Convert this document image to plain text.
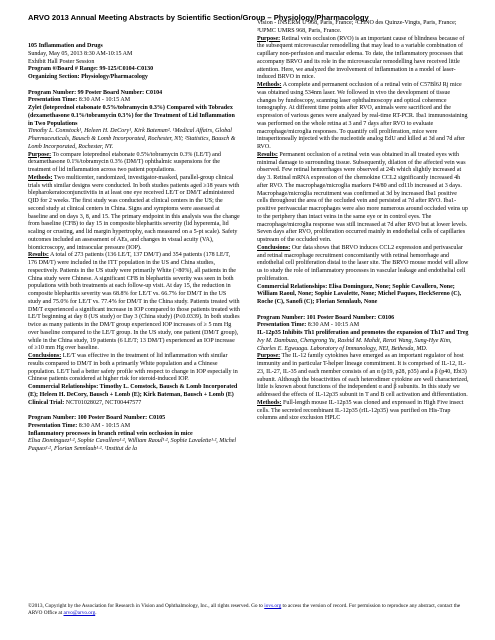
ARVO 2013 Annual Meeting Abstracts by Scientific Section/Group – Physiology/Pharmacology

105 Inflammation and Drugs

Sunday, May 05, 2013 8:30 AM-10:15 AM

Exhibit Hall Poster Session

Program #/Board # Range: 99-125/C0104-C0130

Organizing Section: Physiology/Pharmacology

Program Number: 99 Poster Board Number: C0104

Presentation Time: 8:30 AM - 10:15 AM

Zylet (loteprednol etabonate 0.5%/tobramycin 0.3%) Compared with Tobradex (dexamethasone 0.1%/tobramycin 0.3%) for the Treatment of Lid Inflammation in Two Populations

Timothy L. Comstock¹, Heleen H. DeCory¹, Kirk Bateman². ¹Medical Affairs, Global Pharmaceuticals, Bausch & Lomb Incorporated, Rochester, NY; ²Statistics, Bausch & Lomb Incorporated, Rochester, NY.

Purpose: To compare loteprednol etabonate 0.5%/tobramycin 0.3% (LE/T) and dexamethasone 0.1%/tobramycin 0.3% (DM/T) ophthalmic suspensions for the treatment of lid inflammation across two patient populations.

Methods: Two multicenter, randomized, investigator-masked, parallel-group clinical trials with similar designs were conducted. In both studies patients aged ≥18 years with blepharokeratoconjunctivitis in at least one eye received LE/T or DM/T administered QID for 2 weeks. The first study was conducted at clinical centers in the US; the second study at clinical centers in China. Signs and symptoms were assessed at baseline and on days 3, 8, and 15. The primary endpoint in this analysis was the change from baseline (CFB) to day 15 in composite blepharitis severity (lid hyperemia, lid scaling or crusting, and lid margin hypertrophy, each measured on a 5-pt scale). Safety outcomes included an assessment of AEs, and changes in visual acuity (VA), biomicroscopy, and intraocular pressure (IOP).

Results: A total of 273 patients (136 LE/T, 137 DM/T) and 354 patients (178 LE/T, 176 DM/T) were included in the ITT population in the US and China studies, respectively. Patients in the US study were primarily White (>80%), all patients in the China study were Chinese. A significant CFB in blepharitis severity was seen in both populations with both treatments at each follow-up visit. At day 15, the reduction in composite blepharitis severity was 68.8% for LE/T vs. 66.7% for DM/T in the US study and 75.0% for LE/T vs. 77.4% for DM/T in the China study. Patients treated with DM/T experienced a significant increase in IOP compared to those patients treated with LE/T beginning at day 8 (US study) or Day 3 (China study) (P≤0.0339). In both studies twice as many patients in the DM/T group experienced IOP increases of ≥ 5 mm Hg over baseline compared to the LE/T group. In the US study, one patient (DM/T group), while in the China study, 19 patients (6 LE/T; 13 DM/T) experienced an IOP increase of ≥10 mm Hg over baseline.

Conclusions: LE/T was effective in the treatment of lid inflammation with similar results compared to DM/T in both a primarily White population and a Chinese population. LE/T had a better safety profile with respect to change in IOP especially in Chinese patients considered at higher risk for steroid-induced IOP.

Commercial Relationships: Timothy L. Comstock, Bausch & Lomb Incorporated (E); Heleen H. DeCory, Bausch + Lomb (E); Kirk Bateman, Bausch + Lomb (E)

Clinical Trial: NCT01028027, NCT00447577

Program Number: 100 Poster Board Number: C0105

Presentation Time: 8:30 AM - 10:15 AM

Inflammatory processes in branch retinal vein occlusion in mice

Elisa Dominguez¹·², Sophie Cavallero¹·², William Raoul¹·², Sophie Lavalette¹·², Michel Paques¹·², Florian Sennlaub¹·². ¹Institut de la

Vision - INSERM U 968, Paris, France; ²CHNO des Quinze-Vingts, Paris, France; ³UPMC UMRS 968, Paris, France.

Purpose: Retinal vein occlusion (RVO) is an important cause of blindness because of the subsequent microvascular remodelling that may lead to a variable combination of capillary non-perfusion and macular edema. To date, the inflammatory processes that accompany BRVO and its role in the microvascular remodelling have received little attention. Here, we analyzed the involvement of inflammation in a model of laser-induced BRVO in mice.

Methods: A complete and permanent occlusion of a retinal vein of C57Bl6J Rj mice was obtained using 534nm laser. We followed in vivo the development of tissue changes by fundoscopy, scanning laser ophthalmoscopy and optical coherence tomography. At different time points after RVO, animals were sacrificed and the expression of various genes were analyzed by real-time RT-PCR. Iba1 immunostaining was performed on the whole retina at 3 and 7 days after RVO to evaluate macrophage/microglia responses. To quantify cell proliferation, mice were intraperitoneally injected with the nucleotide analog EdU and killed at 3d and 7d after RVO.

Results: Permanent occlusion of a retinal vein was obtained in all treated eyes with minimal damage to surrounding tissue. Subsequently, dilation of the affected vein was observed. Few retinal hemorrhages were observed at 24h which slightly increased at day 3. Retinal mRNA expression of the chemokine CCL2 significantly increased 4h after RVO. The macrophage/microglia markers F4/80 and cd11b increased at 3 days. Macrophage/microglia recruitment was confirmed at 3d by increased Iba1 positive cells throughout the area of the occluded vein and persisted at 7d after RVO. Iba1-positive perivascular macrophages were also more numerous around occluded veins up to the periphery than intact veins in the same eye or in control eyes. The macrophage/microglia response was still increased at 7d after RVO but at lower levels. Seven days after RVO, proliferation occurred mainly in endothelial cells of capillaries upstream of the occluded vein.

Conclusions: Our data shows that BRVO induces CCL2 expression and perivascular and retinal macrophage recruitment concomitantly with retinal hemorrhage and endothelial cell proliferation distal to the laser site. The BRVO mouse model will allow us to study the role of inflammatory processes in vascular leakage and endothelial cell proliferation.

Commercial Relationships: Elisa Dominguez, None; Sophie Cavallero, None; William Raoul, None; Sophie Lavalette, None; Michel Paques, HeckSereno (C), Roche (C), Sanofi (C); Florian Sennlaub, None

Program Number: 101 Poster Board Number: C0106

Presentation Time: 8:30 AM - 10:15 AM

IL-12p35 Inhibits Th1 proliferation and promotes the expansion of Th17 and Treg

Ivy M. Dambuza, Chengrong Yu, Rashid M. Mahdi, Renxi Wang, Sung-Hye Kim, Charles E. Egwuagu. Laboratory of Immunology, NEI, Bethesda, MD.

Purpose: The IL-12 family cytokines have emerged as an important regulator of host immunity and in particular T-helper lineage commitment. It is comprised of IL-12, IL-23, IL-27, IL-35 and each member consists of an α (p19, p28, p35) and a β (p40, Ebi3) subunit. Although the bioactivities of each heterodimer cytokine are well characterized, little is known about functions of the independent α and β subunits. In this study we addressed the effects of IL-12p35 subunit in T and B cell activation and differentiation.

Methods: Full-length mouse IL-12p35 was cloned and expressed in High Five insect cells. The secreted recombinant IL-12p35 (rIL-12p35) was purified on His-Trap columns and size exclusion HPLC

©2013, Copyright by the Association for Research in Vision and Ophthalmology, Inc., all rights reserved. Go to iovs.org to access the version of record. For permission to reproduce any abstract, contact the ARVO Office at arvo@arvo.org.
